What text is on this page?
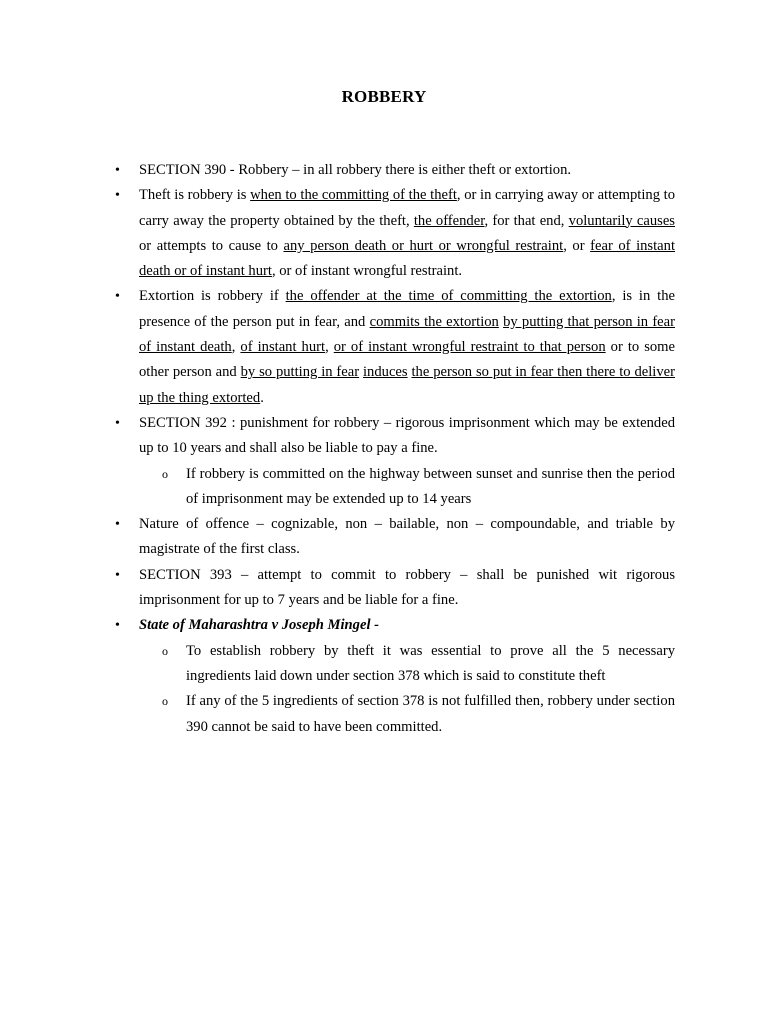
ROBBERY
• SECTION 390 - Robbery – in all robbery there is either theft or extortion.
• Theft is robbery is when to the committing of the theft, or in carrying away or attempting to carry away the property obtained by the theft, the offender, for that end, voluntarily causes or attempts to cause to any person death or hurt or wrongful restraint, or fear of instant death or of instant hurt, or of instant wrongful restraint.
• Extortion is robbery if the offender at the time of committing the extortion, is in the presence of the person put in fear, and commits the extortion by putting that person in fear of instant death, of instant hurt, or of instant wrongful restraint to that person or to some other person and by so putting in fear induces the person so put in fear then there to deliver up the thing extorted.
• SECTION 392 : punishment for robbery – rigorous imprisonment which may be extended up to 10 years and shall also be liable to pay a fine.
o If robbery is committed on the highway between sunset and sunrise then the period of imprisonment may be extended up to 14 years
• Nature of offence – cognizable, non – bailable, non – compoundable, and triable by magistrate of the first class.
• SECTION 393 – attempt to commit to robbery – shall be punished wit rigorous imprisonment for up to 7 years and be liable for a fine.
• State of Maharashtra v Joseph Mingel -
o To establish robbery by theft it was essential to prove all the 5 necessary ingredients laid down under section 378 which is said to constitute theft
o If any of the 5 ingredients of section 378 is not fulfilled then, robbery under section 390 cannot be said to have been committed.
